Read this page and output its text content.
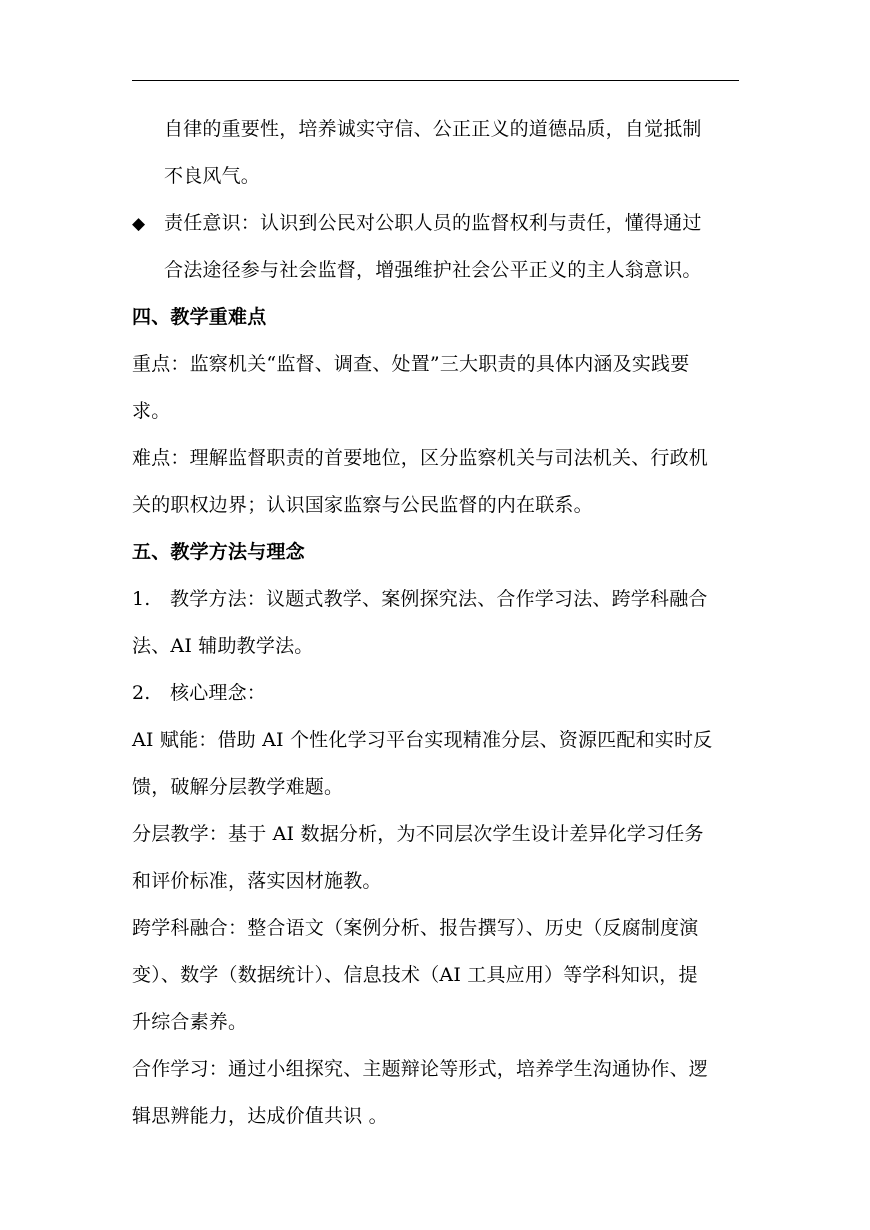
自律的重要性，培养诚实守信、公正正义的道德品质，自觉抵制
不良风气。
◆ 责任意识：认识到公民对公职人员的监督权利与责任，懂得通过
合法途径参与社会监督，增强维护社会公平正义的主人翁意识。
四、教学重难点
重点：监察机关“监督、调查、处置”三大职责的具体内涵及实践要
求。
难点：理解监督职责的首要地位，区分监察机关与司法机关、行政机
关的职权边界；认识国家监察与公民监督的内在联系。
五、教学方法与理念
1. 教学方法：议题式教学、案例探究法、合作学习法、跨学科融合
法、AI 辅助教学法。
2. 核心理念：
AI 赋能：借助 AI 个性化学习平台实现精准分层、资源匹配和实时反
馈，破解分层教学难题。
分层教学：基于 AI 数据分析，为不同层次学生设计差异化学习任务
和评价标准，落实因材施教。
跨学科融合：整合语文（案例分析、报告撰写）、历史（反腐制度演
变）、数学（数据统计）、信息技术（AI 工具应用）等学科知识，提
升综合素养。
合作学习：通过小组探究、主题辩论等形式，培养学生沟通协作、逻
辑思辨能力，达成价值共识 。
